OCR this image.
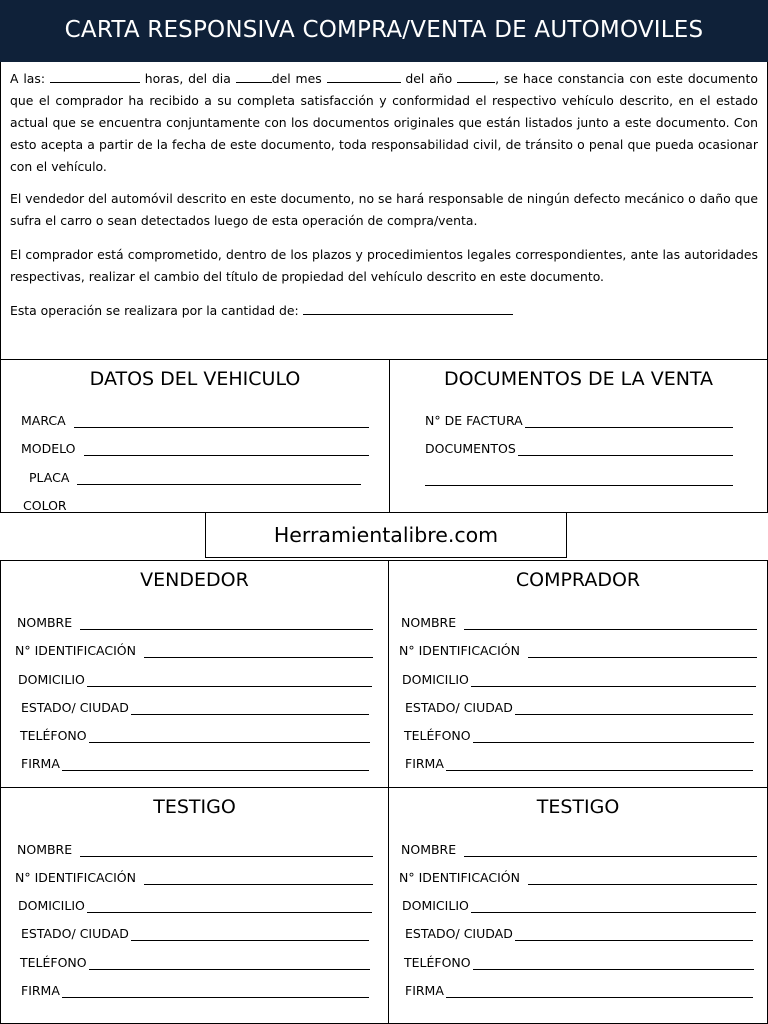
CARTA RESPONSIVA COMPRA/VENTA DE AUTOMOVILES

A las:	horas, del dia	del mes	del año	, se hace constancia con este documento que el comprador ha recibido a su completa satisfacción y conformidad el respectivo vehículo descrito, en el estado actual que se encuentra conjuntamente con los documentos originales que están listados junto a este documento. Con esto acepta a partir de la fecha de este documento, toda responsabilidad civil, de tránsito o penal que pueda ocasionar con el vehículo.

El vendedor del automóvil descrito en este documento, no se hará responsable de ningún defecto mecánico o daño que sufra el carro o sean detectados luego de esta operación de compra/venta.

El comprador está comprometido, dentro de los plazos y procedimientos legales correspondientes, ante las autoridades respectivas, realizar el cambio del título de propiedad del vehículo descrito en este documento.

Esta operación se realizara por la cantidad de:

DATOS DEL VEHICULO
MARCA
MODELO
PLACA
COLOR
DOCUMENTOS DE LA VENTA
N° DE FACTURA
DOCUMENTOS
Herramientalibre.com
VENDEDOR
NOMBRE
N° IDENTIFICACIÓN
DOMICILIO
ESTADO/ CIUDAD
TELÉFONO
FIRMA
COMPRADOR
NOMBRE
N° IDENTIFICACIÓN
DOMICILIO
ESTADO/ CIUDAD
TELÉFONO
FIRMA
TESTIGO
NOMBRE
N° IDENTIFICACIÓN
DOMICILIO
ESTADO/ CIUDAD
TELÉFONO
FIRMA
TESTIGO
NOMBRE
N° IDENTIFICACIÓN
DOMICILIO
ESTADO/ CIUDAD
TELÉFONO
FIRMA
